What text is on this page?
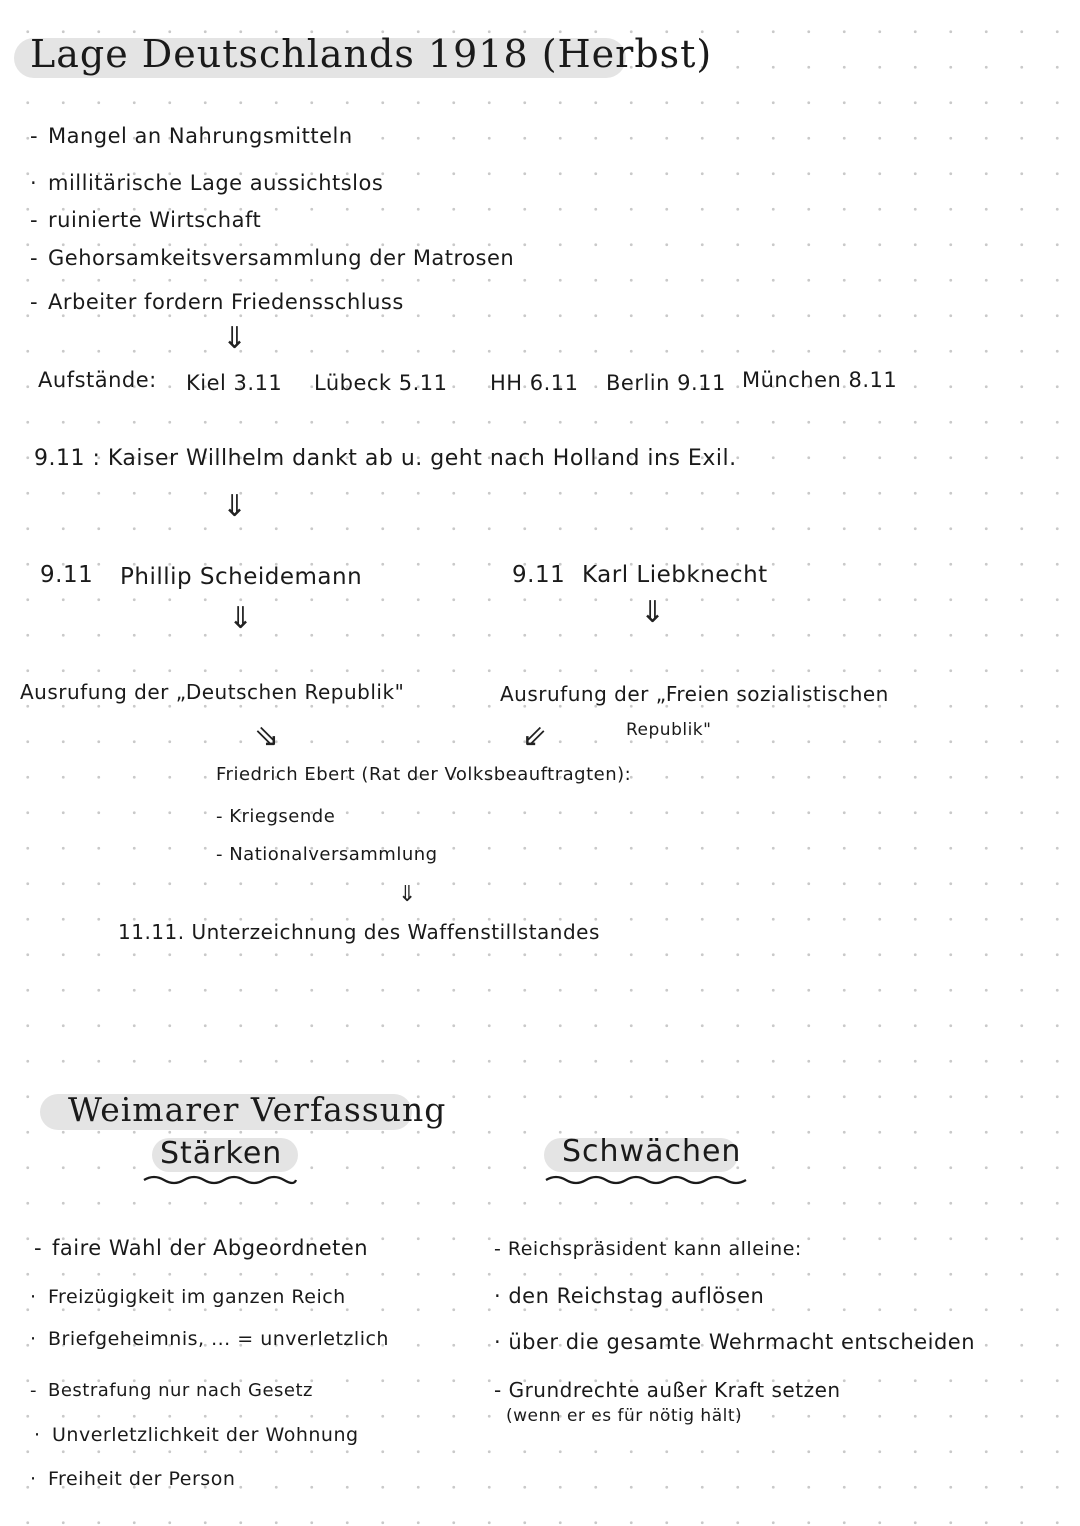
Lage Deutschlands 1918 (Herbst)
- Mangel an Nahrungsmitteln
· millitärische Lage aussichtslos
- ruinierte Wirtschaft
- Gehorsamkeitsversammlung der Matrosen
- Arbeiter fordern Friedensschluss
⇓
Aufstände: Kiel 3.11 Lübeck 5.11 HH 6.11 Berlin 9.11 München 8.11
9.11 : Kaiser Willhelm dankt ab u. geht nach Holland ins Exil.
⇓
9.11 Phillip Scheidemann	9.11 Karl Liebknecht
⇓	⇓
Ausrufung der „Deutschen Republik"	Ausrufung der „Freien sozialistischen
Republik"
⇘	⇙
Friedrich Ebert (Rat der Volksbeauftragten):
- Kriegsende
- Nationalversammlung
⇓
11.11. Unterzeichnung des Waffenstillstandes
Weimarer Verfassung
Stärken	Schwächen
- faire Wahl der Abgeordneten
· Freizügigkeit im ganzen Reich
· Briefgeheimnis, ... = unverletzlich
- Bestrafung nur nach Gesetz
· Unverletzlichkeit der Wohnung
· Freiheit der Person
- Reichspräsident kann alleine:
· den Reichstag auflösen
· über die gesamte Wehrmacht entscheiden
- Grundrechte außer Kraft setzen
(wenn er es für nötig hält)
